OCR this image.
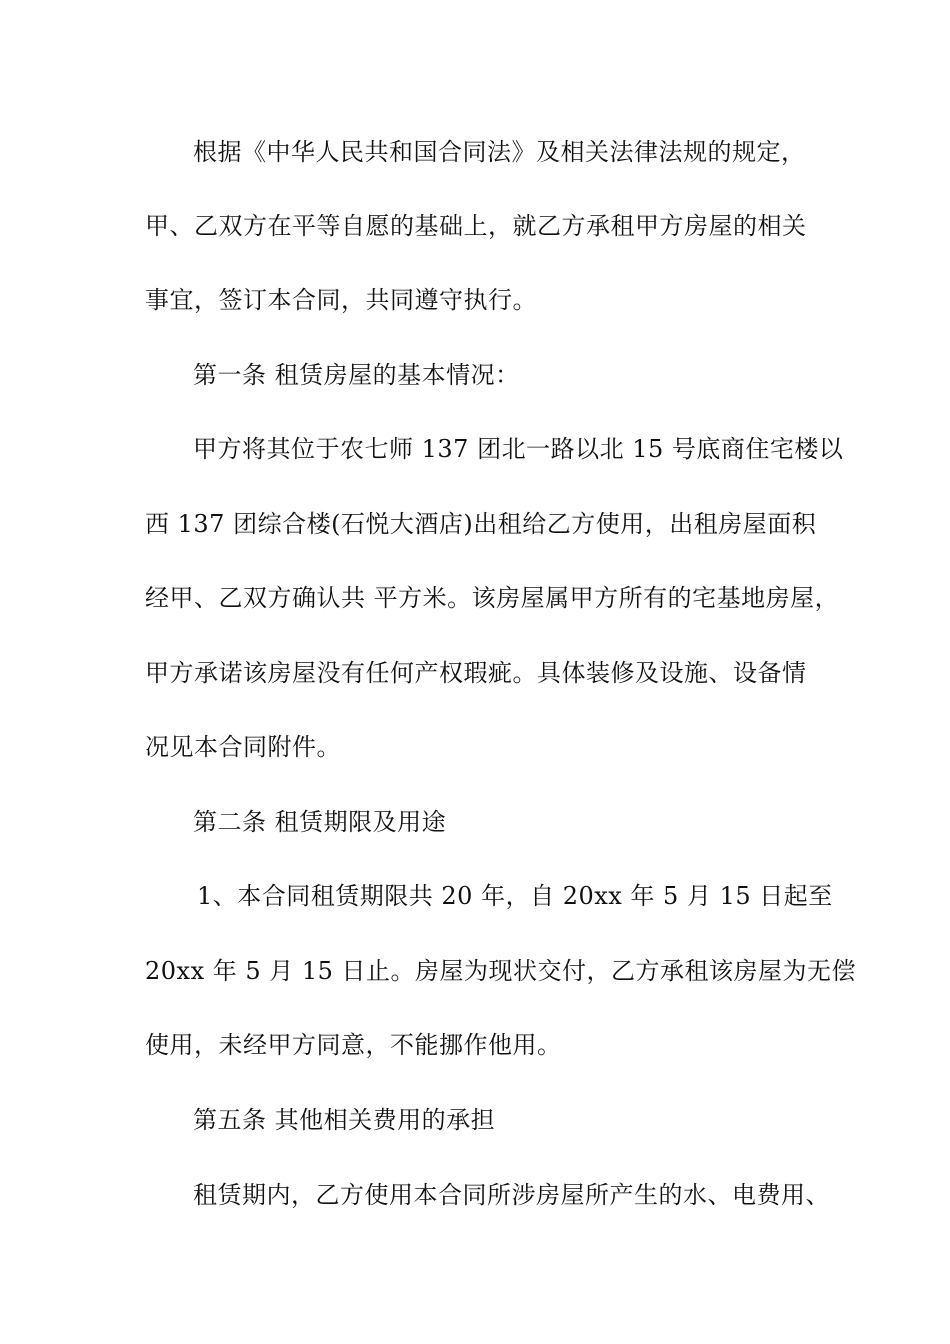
根据《中华人民共和国合同法》及相关法律法规的规定，

甲、乙双方在平等自愿的基础上，就乙方承租甲方房屋的相关

事宜，签订本合同，共同遵守执行。

第一条 租赁房屋的基本情况：

甲方将其位于农七师 137 团北一路以北 15 号底商住宅楼以

西 137 团综合楼(石悦大酒店)出租给乙方使用，出租房屋面积

经甲、乙双方确认共 平方米。该房屋属甲方所有的宅基地房屋，

甲方承诺该房屋没有任何产权瑕疵。具体装修及设施、设备情

况见本合同附件。

第二条 租赁期限及用途

1、本合同租赁期限共 20 年，自 20xx 年 5 月 15 日起至

20xx 年 5 月 15 日止。房屋为现状交付，乙方承租该房屋为无偿

使用，未经甲方同意，不能挪作他用。

第五条 其他相关费用的承担

租赁期内，乙方使用本合同所涉房屋所产生的水、电费用、
